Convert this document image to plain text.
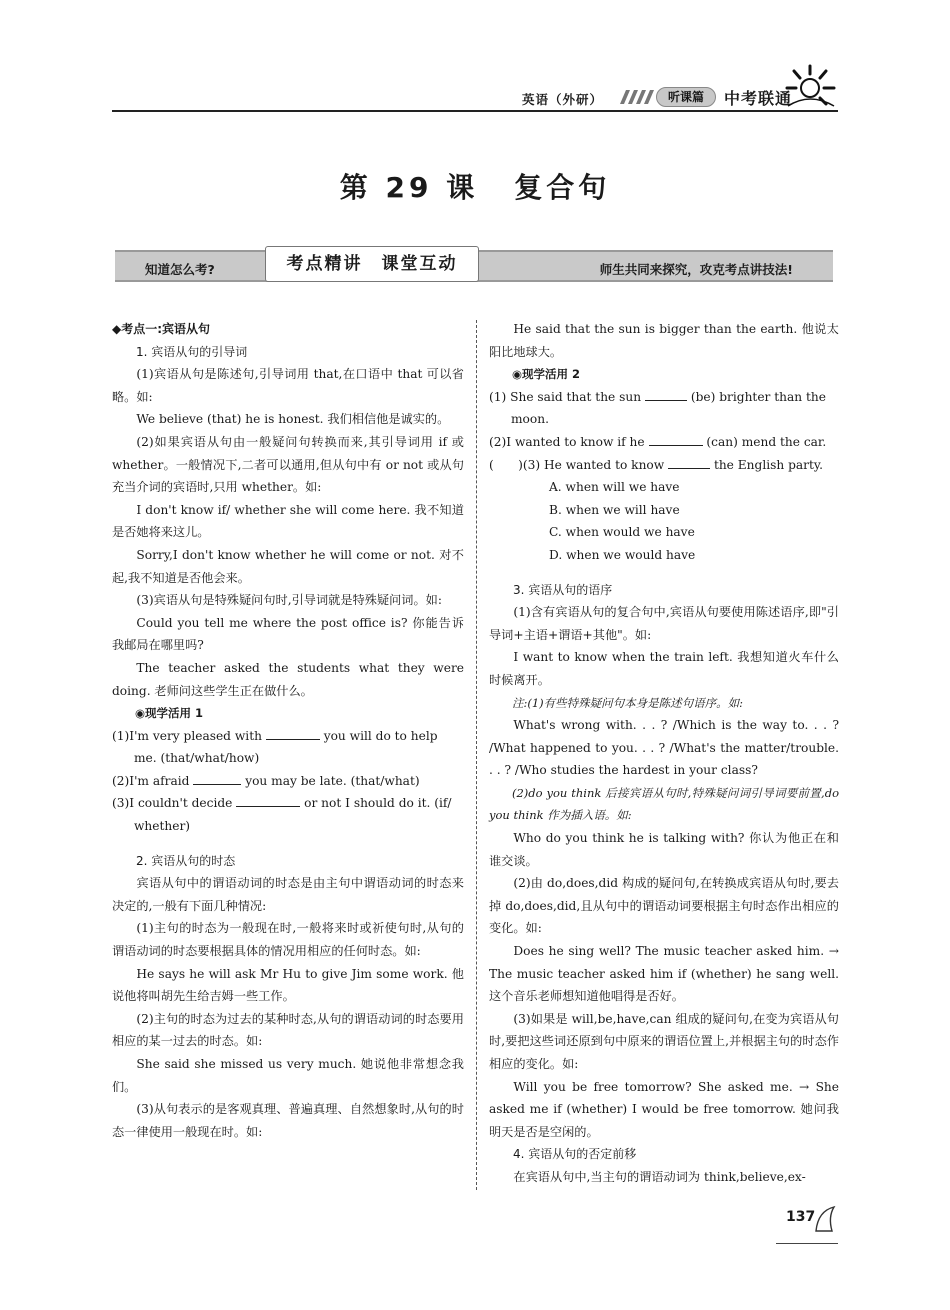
英语（外研）	听课篇	中考联通
第 29 课 复合句
知道怎么考?	考点精讲　课堂互动	师生共同来探究，攻克考点讲技法!
◆考点一:宾语从句
1. 宾语从句的引导词
(1)宾语从句是陈述句,引导词用 that,在口语中 that 可以省略。如:
We believe (that) he is honest. 我们相信他是诚实的。
(2)如果宾语从句由一般疑问句转换而来,其引导词用 if 或 whether。一般情况下,二者可以通用,但从句中有 or not 或从句充当介词的宾语时,只用 whether。如:
I don't know if/ whether she will come here. 我不知道是否她将来这儿。
Sorry,I don't know whether he will come or not. 对不起,我不知道是否他会来。
(3)宾语从句是特殊疑问句时,引导词就是特殊疑问词。如:
Could you tell me where the post office is? 你能告诉我邮局在哪里吗?
The teacher asked the students what they were doing. 老师问这些学生正在做什么。
◉现学活用 1
(1)I'm very pleased with	you will do to help me. (that/what/how)
(2)I'm afraid	you may be late. (that/what)
(3)I couldn't decide	or not I should do it. (if/ whether)
2. 宾语从句的时态
宾语从句中的谓语动词的时态是由主句中谓语动词的时态来决定的,一般有下面几种情况:
(1)主句的时态为一般现在时,一般将来时或祈使句时,从句的谓语动词的时态要根据具体的情况用相应的任何时态。如:
He says he will ask Mr Hu to give Jim some work. 他说他将叫胡先生给吉姆一些工作。
(2)主句的时态为过去的某种时态,从句的谓语动词的时态要用相应的某一过去的时态。如:
She said she missed us very much. 她说他非常想念我们。
(3)从句表示的是客观真理、普遍真理、自然想象时,从句的时态一律使用一般现在时。如:
He said that the sun is bigger than the earth. 他说太阳比地球大。
◉现学活用 2
(1) She said that the sun	(be) brighter than the moon.
(2)I wanted to know if he	(can) mend the car.
(　　)(3) He wanted to know	the English party.
A. when will we have
B. when we will have
C. when would we have
D. when we would have
3. 宾语从句的语序
(1)含有宾语从句的复合句中,宾语从句要使用陈述语序,即"引导词+主语+谓语+其他"。如:
I want to know when the train left. 我想知道火车什么时候离开。
注:(1)有些特殊疑问句本身是陈述句语序。如:
What's wrong with. . . ? /Which is the way to. . . ? /What happened to you. . . ? /What's the matter/trouble. . . ? /Who studies the hardest in your class?
(2)do you think 后接宾语从句时,特殊疑问词引导词要前置,do you think 作为插入语。如:
Who do you think he is talking with? 你认为他正在和谁交谈。
(2)由 do,does,did 构成的疑问句,在转换成宾语从句时,要去掉 do,does,did,且从句中的谓语动词要根据主句时态作出相应的变化。如:
Does he sing well? The music teacher asked him. → The music teacher asked him if (whether) he sang well. 这个音乐老师想知道他唱得是否好。
(3)如果是 will,be,have,can 组成的疑问句,在变为宾语从句时,要把这些词还原到句中原来的谓语位置上,并根据主句的时态作相应的变化。如:
Will you be free tomorrow? She asked me. → She asked me if (whether) I would be free tomorrow. 她问我明天是否是空闲的。
4. 宾语从句的否定前移
在宾语从句中,当主句的谓语动词为 think,believe,ex-
137
